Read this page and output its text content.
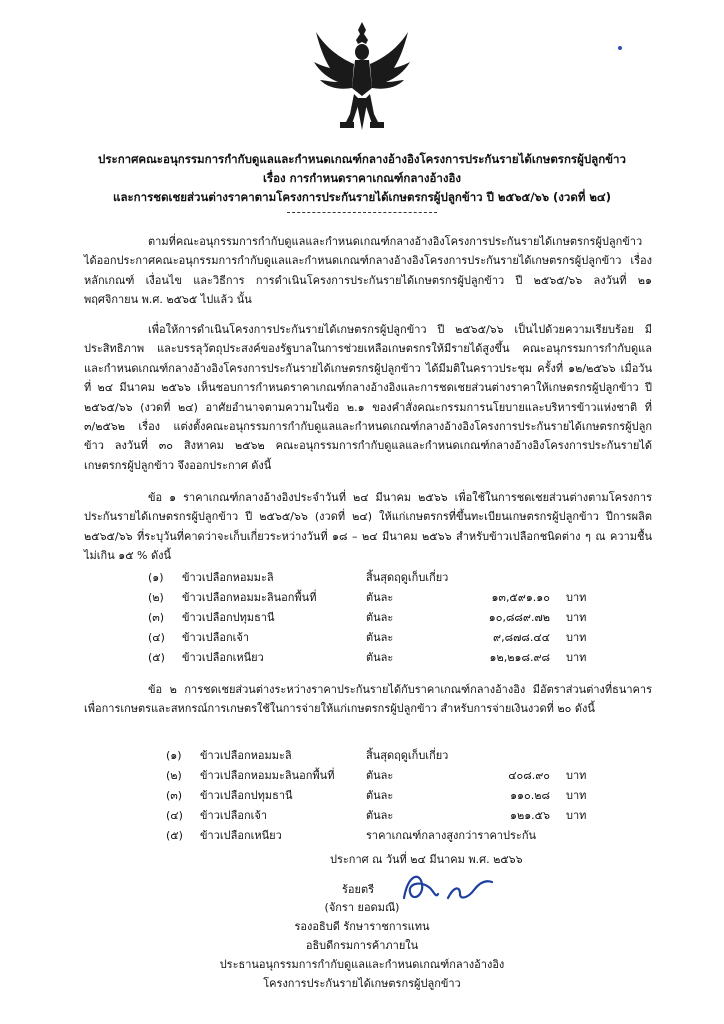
ประกาศคณะอนุกรรมการกำกับดูแลและกำหนดเกณฑ์กลางอ้างอิงโครงการประกันรายได้เกษตรกรผู้ปลูกข้าว
เรื่อง การกำหนดราคาเกณฑ์กลางอ้างอิง
และการชดเชยส่วนต่างราคาตามโครงการประกันรายได้เกษตรกรผู้ปลูกข้าว ปี ๒๕๖๕/๖๖ (งวดที่ ๒๔)

ตามที่คณะอนุกรรมการกำกับดูแลและกำหนดเกณฑ์กลางอ้างอิงโครงการประกันรายได้เกษตรกรผู้ปลูกข้าว ได้ออกประกาศคณะอนุกรรมการกำกับดูแลและกำหนดเกณฑ์กลางอ้างอิงโครงการประกันรายได้เกษตรกรผู้ปลูกข้าว เรื่อง หลักเกณฑ์ เงื่อนไข และวิธีการ การดำเนินโครงการประกันรายได้เกษตรกรผู้ปลูกข้าว ปี ๒๕๖๕/๖๖ ลงวันที่ ๒๑ พฤศจิกายน พ.ศ. ๒๕๖๕ ไปแล้ว นั้น

เพื่อให้การดำเนินโครงการประกันรายได้เกษตรกรผู้ปลูกข้าว ปี ๒๕๖๕/๖๖ เป็นไปด้วยความเรียบร้อย มีประสิทธิภาพ และบรรลุวัตถุประสงค์ของรัฐบาลในการช่วยเหลือเกษตรกรให้มีรายได้สูงขึ้น คณะอนุกรรมการกำกับดูแลและกำหนดเกณฑ์กลางอ้างอิงโครงการประกันรายได้เกษตรกรผู้ปลูกข้าว ได้มีมติในคราวประชุม ครั้งที่ ๑๒/๒๕๖๖ เมื่อวันที่ ๒๔ มีนาคม ๒๕๖๖ เห็นชอบการกำหนดราคาเกณฑ์กลางอ้างอิงและการชดเชยส่วนต่างราคาให้เกษตรกรผู้ปลูกข้าว ปี ๒๕๖๕/๖๖ (งวดที่ ๒๔) อาศัยอำนาจตามความในข้อ ๒.๑ ของคำสั่งคณะกรรมการนโยบายและบริหารข้าวแห่งชาติ ที่ ๓/๒๕๖๒ เรื่อง แต่งตั้งคณะอนุกรรมการกำกับดูแลและกำหนดเกณฑ์กลางอ้างอิงโครงการประกันรายได้เกษตรกรผู้ปลูกข้าว ลงวันที่ ๓๐ สิงหาคม ๒๕๖๒ คณะอนุกรรมการกำกับดูแลและกำหนดเกณฑ์กลางอ้างอิงโครงการประกันรายได้เกษตรกรผู้ปลูกข้าว จึงออกประกาศ ดังนี้

ข้อ ๑ ราคาเกณฑ์กลางอ้างอิงประจำวันที่ ๒๔ มีนาคม ๒๕๖๖ เพื่อใช้ในการชดเชยส่วนต่างตามโครงการประกันรายได้เกษตรกรผู้ปลูกข้าว ปี ๒๕๖๕/๖๖ (งวดที่ ๒๔) ให้แก่เกษตรกรที่ขึ้นทะเบียนเกษตรกรผู้ปลูกข้าว ปีการผลิต ๒๕๖๕/๖๖ ที่ระบุวันที่คาดว่าจะเก็บเกี่ยวระหว่างวันที่ ๑๘ – ๒๔ มีนาคม ๒๕๖๖ สำหรับข้าวเปลือกชนิดต่าง ๆ ณ ความชื้นไม่เกิน ๑๕ % ดังนี้

(๑) ข้าวเปลือกหอมมะลิ	สิ้นสุดฤดูเก็บเกี่ยว
(๒) ข้าวเปลือกหอมมะลินอกพื้นที่	ตันละ	๑๓,๕๙๑.๑๐ บาท
(๓) ข้าวเปลือกปทุมธานี	ตันละ	๑๐,๘๘๙.๗๒ บาท
(๔) ข้าวเปลือกเจ้า	ตันละ	๙,๘๗๘.๔๔ บาท
(๕) ข้าวเปลือกเหนียว	ตันละ	๑๒,๒๑๘.๙๘ บาท

ข้อ ๒ การชดเชยส่วนต่างระหว่างราคาประกันรายได้กับราคาเกณฑ์กลางอ้างอิง มีอัตราส่วนต่างที่ธนาคารเพื่อการเกษตรและสหกรณ์การเกษตรใช้ในการจ่ายให้แก่เกษตรกรผู้ปลูกข้าว สำหรับการจ่ายเงินงวดที่ ๒๐ ดังนี้

(๑) ข้าวเปลือกหอมมะลิ	สิ้นสุดฤดูเก็บเกี่ยว
(๒) ข้าวเปลือกหอมมะลินอกพื้นที่	ตันละ	๔๐๘.๙๐ บาท
(๓) ข้าวเปลือกปทุมธานี	ตันละ	๑๑๐.๒๘ บาท
(๔) ข้าวเปลือกเจ้า	ตันละ	๑๒๑.๕๖ บาท
(๕) ข้าวเปลือกเหนียว	ราคาเกณฑ์กลางสูงกว่าราคาประกัน
ประกาศ ณ วันที่ ๒๔ มีนาคม พ.ศ. ๒๕๖๖
ร้อยตรี
(จักรา ยอดมณี)
รองอธิบดี รักษาราชการแทน
อธิบดีกรมการค้าภายใน
ประธานอนุกรรมการกำกับดูแลและกำหนดเกณฑ์กลางอ้างอิง
โครงการประกันรายได้เกษตรกรผู้ปลูกข้าว
